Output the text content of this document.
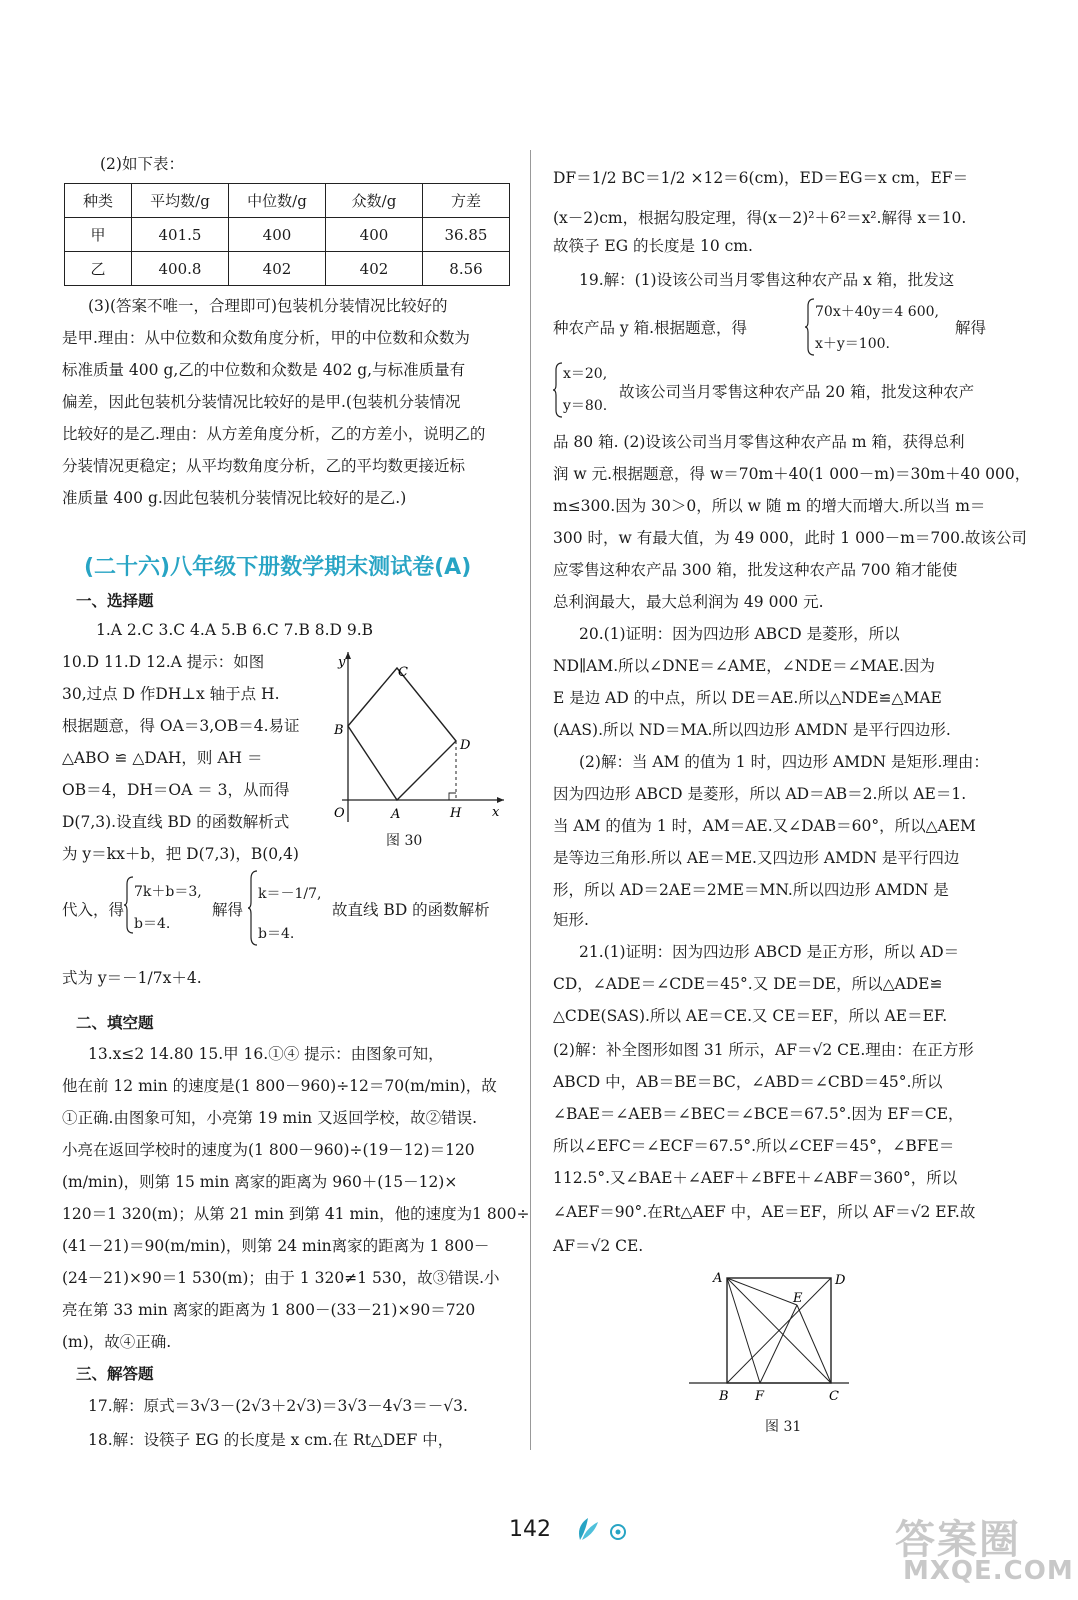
(2)如下表：
种类	平均数/g	中位数/g	众数/g	方差
甲	401.5	400	400	36.85
乙	400.8	402	402	8.56
(3)(答案不唯一，合理即可)包装机分装情况比较好的
是甲.理由：从中位数和众数角度分析，甲的中位数和众数为
标准质量 400 g,乙的中位数和众数是 402 g,与标准质量有
偏差，因此包装机分装情况比较好的是甲.(包装机分装情况
比较好的是乙.理由：从方差角度分析，乙的方差小，说明乙的
分装情况更稳定；从平均数角度分析，乙的平均数更接近标
准质量 400 g.因此包装机分装情况比较好的是乙.)
(二十六)八年级下册数学期末测试卷(A)
一、选择题
1.A 2.C 3.C 4.A 5.B 6.C 7.B 8.D 9.B
10.D 11.D 12.A 提示：如图
30,过点 D 作DH⊥x 轴于点 H.
根据题意，得 OA＝3,OB＝4.易证
△ABO ≌ △DAH，则 AH ＝
OB＝4，DH＝OA ＝ 3，从而得
D(7,3).设直线 BD 的函数解析式
为 y＝kx＋b，把 D(7,3)，B(0,4)
y
x
O	A
B
C
D
H
图 30
代入，得
7k＋b＝3,
b＝4.
解得
k＝－1/7,
b＝4.
故直线 BD 的函数解析
式为 y＝－1/7x＋4.
二、填空题
13.x≤2 14.80 15.甲 16.①④ 提示：由图象可知，
他在前 12 min 的速度是(1 800－960)÷12＝70(m/min)，故
①正确.由图象可知，小亮第 19 min 又返回学校，故②错误.
小亮在返回学校时的速度为(1 800－960)÷(19－12)＝120
(m/min)，则第 15 min 离家的距离为 960＋(15－12)×
120＝1 320(m)；从第 21 min 到第 41 min，他的速度为1 800÷
(41－21)＝90(m/min)，则第 24 min离家的距离为 1 800－
(24－21)×90＝1 530(m)；由于 1 320≠1 530，故③错误.小
亮在第 33 min 离家的距离为 1 800－(33－21)×90＝720
(m)，故④正确.
三、解答题
17.解：原式＝3√3－(2√3＋2√3)＝3√3－4√3＝－√3.
18.解：设筷子 EG 的长度是 x cm.在 Rt△DEF 中，
DF＝1/2 BC＝1/2 ×12＝6(cm)，ED＝EG＝x cm，EF＝
(x－2)cm，根据勾股定理，得(x－2)²＋6²＝x².解得 x＝10.
故筷子 EG 的长度是 10 cm.
19.解：(1)设该公司当月零售这种农产品 x 箱，批发这
种农产品 y 箱.根据题意，得
70x＋40y＝4 600,
x＋y＝100.
解得
x＝20,
y＝80.
故该公司当月零售这种农产品 20 箱，批发这种农产
品 80 箱. (2)设该公司当月零售这种农产品 m 箱，获得总利
润 w 元.根据题意，得 w＝70m＋40(1 000－m)＝30m＋40 000，
m≤300.因为 30＞0，所以 w 随 m 的增大而增大.所以当 m＝
300 时，w 有最大值，为 49 000，此时 1 000－m＝700.故该公司
应零售这种农产品 300 箱，批发这种农产品 700 箱才能使
总利润最大，最大总利润为 49 000 元.
20.(1)证明：因为四边形 ABCD 是菱形，所以
ND∥AM.所以∠DNE＝∠AME，∠NDE＝∠MAE.因为
E 是边 AD 的中点，所以 DE＝AE.所以△NDE≌△MAE
(AAS).所以 ND＝MA.所以四边形 AMDN 是平行四边形.
(2)解：当 AM 的值为 1 时，四边形 AMDN 是矩形.理由：
因为四边形 ABCD 是菱形，所以 AD＝AB＝2.所以 AE＝1.
当 AM 的值为 1 时，AM＝AE.又∠DAB＝60°，所以△AEM
是等边三角形.所以 AE＝ME.又四边形 AMDN 是平行四边
形，所以 AD＝2AE＝2ME＝MN.所以四边形 AMDN 是
矩形.
21.(1)证明：因为四边形 ABCD 是正方形，所以 AD＝
CD，∠ADE＝∠CDE＝45°.又 DE＝DE，所以△ADE≌
△CDE(SAS).所以 AE＝CE.又 CE＝EF，所以 AE＝EF.
(2)解：补全图形如图 31 所示，AF＝√2 CE.理由：在正方形
ABCD 中，AB＝BE＝BC，∠ABD＝∠CBD＝45°.所以
∠BAE＝∠AEB＝∠BEC＝∠BCE＝67.5°.因为 EF＝CE，
所以∠EFC＝∠ECF＝67.5°.所以∠CEF＝45°，∠BFE＝
112.5°.又∠BAE＋∠AEF＋∠BFE＋∠ABF＝360°，所以
∠AEF＝90°.在Rt△AEF 中，AE＝EF，所以 AF＝√2 EF.故
AF＝√2 CE.
A	D
E
B F	C
图 31
142	答案圈
MXQE.COM
